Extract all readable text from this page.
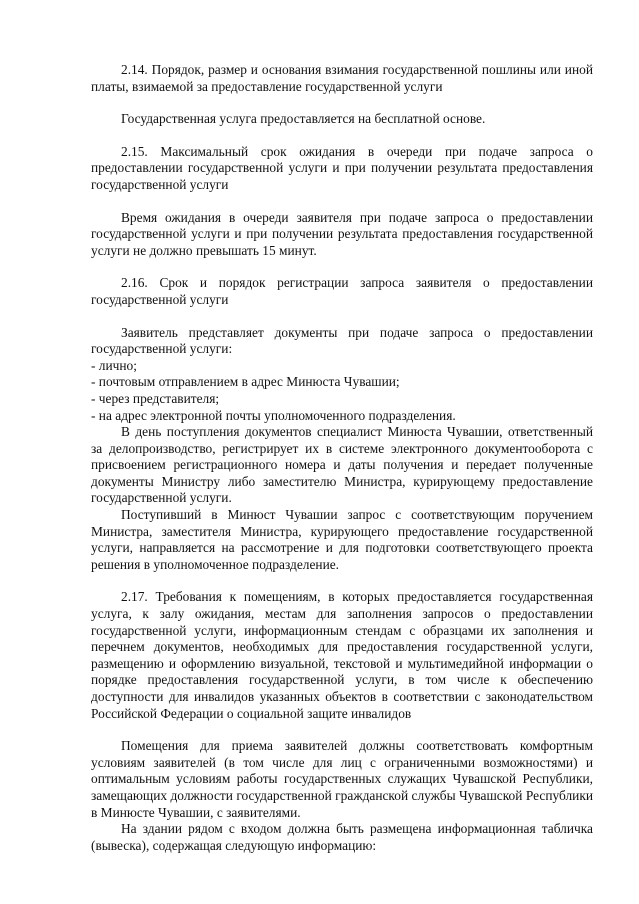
2.14. Порядок, размер и основания взимания государственной пошлины или иной платы, взимаемой за предоставление государственной услуги

Государственная услуга предоставляется на бесплатной основе.

2.15. Максимальный срок ожидания в очереди при подаче запроса о предоставлении государственной услуги и при получении результата предоставления государственной услуги

Время ожидания в очереди заявителя при подаче запроса о предоставлении государственной услуги и при получении результата предоставления государственной услуги не должно превышать 15 минут.

2.16. Срок и порядок регистрации запроса заявителя о предоставлении государственной услуги

Заявитель представляет документы при подаче запроса о предоставлении государственной услуги:

- лично;

- почтовым отправлением в адрес Минюста Чувашии;

- через представителя;

- на адрес электронной почты уполномоченного подразделения.

В день поступления документов специалист Минюста Чувашии, ответственный за делопроизводство, регистрирует их в системе электронного документооборота с присвоением регистрационного номера и даты получения и передает полученные документы Министру либо заместителю Министра, курирующему предоставление государственной услуги.

Поступивший в Минюст Чувашии запрос с соответствующим поручением Министра, заместителя Министра, курирующего предоставление государственной услуги, направляется на рассмотрение и для подготовки соответствующего проекта решения в уполномоченное подразделение.

2.17. Требования к помещениям, в которых предоставляется государственная услуга, к залу ожидания, местам для заполнения запросов о предоставлении государственной услуги, информационным стендам с образцами их заполнения и перечнем документов, необходимых для предоставления государственной услуги, размещению и оформлению визуальной, текстовой и мультимедийной информации о порядке предоставления государственной услуги, в том числе к обеспечению доступности для инвалидов указанных объектов в соответствии с законодательством Российской Федерации о социальной защите инвалидов

Помещения для приема заявителей должны соответствовать комфортным условиям заявителей (в том числе для лиц с ограниченными возможностями) и оптимальным условиям работы государственных служащих Чувашской Республики, замещающих должности государственной гражданской службы Чувашской Республики в Минюсте Чувашии, с заявителями.

На здании рядом с входом должна быть размещена информационная табличка (вывеска), содержащая следующую информацию:
